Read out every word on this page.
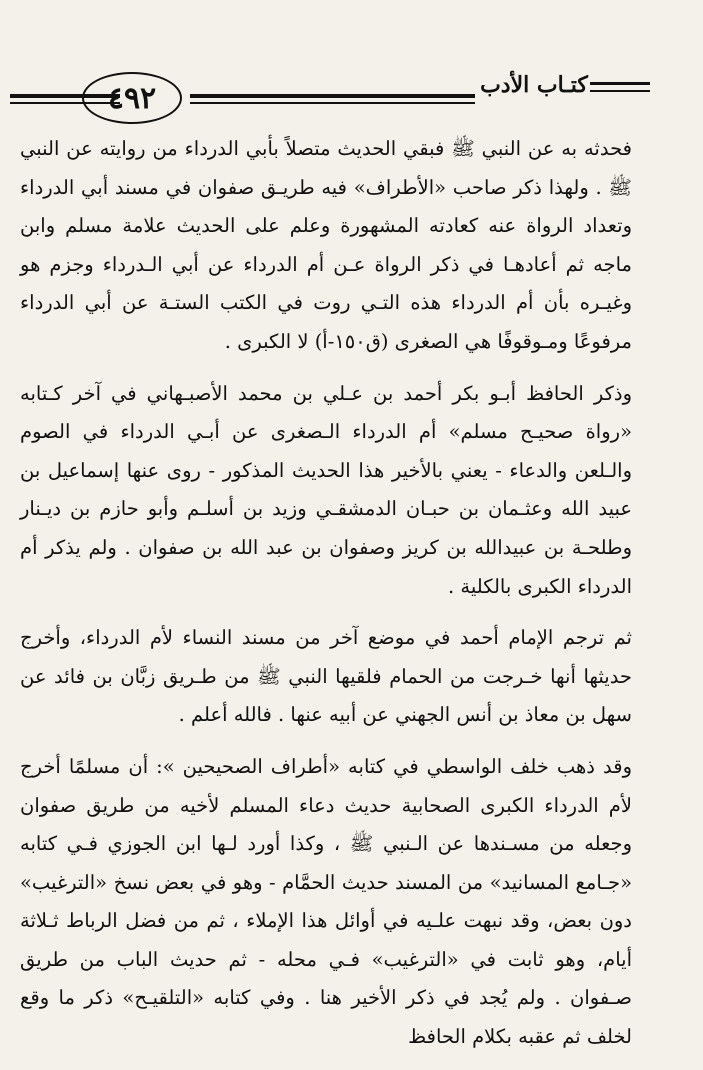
٤٩٢	كتـاب الأدب

فحدثه به عن النبي ﷺ فبقي الحديث متصلاً بأبي الدرداء من روايته عن النبي ﷺ . ولهذا ذكر صاحب «الأطراف» فيه طريـق صفوان في مسند أبي الدرداء وتعداد الرواة عنه كعادته المشهورة وعلم على الحديث علامة مسلم وابن ماجه ثم أعادهـا في ذكر الرواة عـن أم الدرداء عن أبي الـدرداء وجزم هو وغيـره بأن أم الدرداء هذه التـي روت في الكتب الستـة عن أبي الدرداء مرفوعًا ومـوقوفًا هي الصغرى (ق١٥٠-أ) لا الكبرى .

وذكر الحافظ أبـو بكر أحمد بن عـلي بن محمد الأصبـهاني في آخر كـتابه «رواة صحيـح مسلم» أم الدرداء الـصغرى عن أبـي الدرداء في الصوم والـلعن والدعاء - يعني بالأخير هذا الحديث المذكور - روى عنها إسماعيل بن عبيد الله وعثـمان بن حبـان الدمشقـي وزيد بن أسلـم وأبو حازم بن ديـنار وطلحـة بن عبيدالله بن كريز وصفوان بن عبد الله بن صفوان . ولم يذكر أم الدرداء الكبرى بالكلية .

ثم ترجم الإمام أحمد في موضع آخر من مسند النساء لأم الدرداء، وأخرج حديثها أنها خـرجت من الحمام فلقيها النبي ﷺ من طـريق زبَّان بن فائد عن سهل بن معاذ بن أنس الجهني عن أبيه عنها . فالله أعلم .

وقد ذهب خلف الواسطي في كتابه «أطراف الصحيحين »: أن مسلمًا أخرج لأم الدرداء الكبرى الصحابية حديث دعاء المسلم لأخيه من طريق صفوان وجعله من مسـندها عن الـنبي ﷺ ، وكذا أورد لـها ابن الجوزي فـي كتابه «جـامع المسانيد» من المسند حديث الحمَّام - وهو في بعض نسخ «الترغيب» دون بعض، وقد نبهت علـيه في أوائل هذا الإملاء ، ثم من فضل الرباط ثـلاثة أيام، وهو ثابت في «الترغيب» فـي محله - ثم حديث الباب من طريق صـفوان . ولم يُجد في ذكر الأخير هنا . وفي كتابه «التلقيـح» ذكر ما وقع لخلف ثم عقبه بكلام الحافظ
